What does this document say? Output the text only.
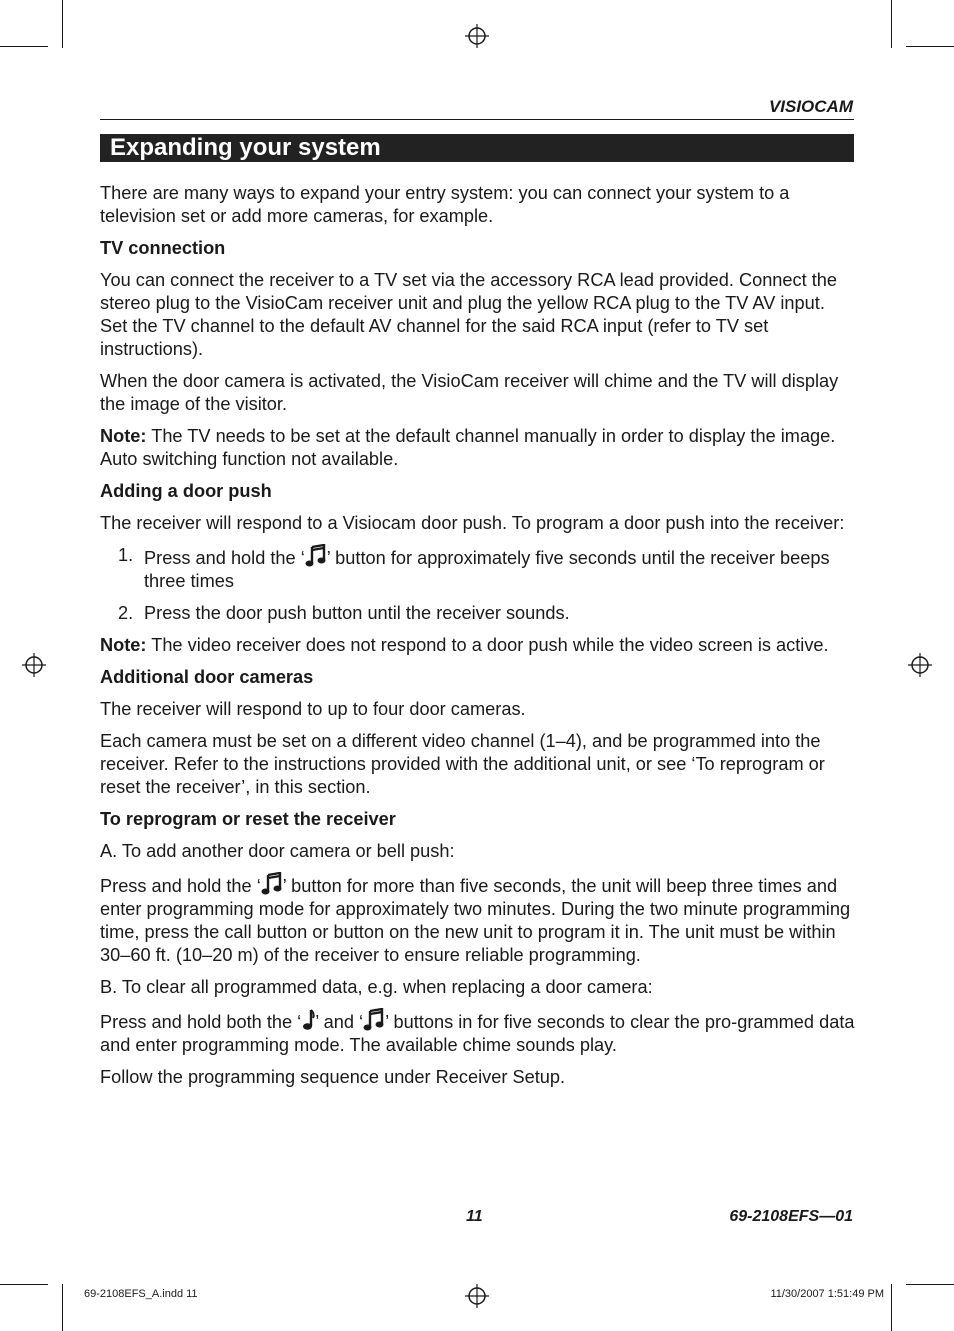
VISIOCAM
Expanding your system

There are many ways to expand your entry system: you can connect your system to a television set or add more cameras, for example.

TV connection

You can connect the receiver to a TV set via the accessory RCA lead provided. Connect the stereo plug to the VisioCam receiver unit and plug the yellow RCA plug to the TV AV input. Set the TV channel to the default AV channel for the said RCA input (refer to TV set instructions).

When the door camera is activated, the VisioCam receiver will chime and the TV will display the image of the visitor.

Note: The TV needs to be set at the default channel manually in order to display the image. Auto switching function not available.

Adding a door push

The receiver will respond to a Visiocam door push. To program a door push into the receiver:

1. Press and hold the ‘ ’ button for approximately five seconds until the receiver beeps three times
2. Press the door push button until the receiver sounds.

Note: The video receiver does not respond to a door push while the video screen is active.

Additional door cameras

The receiver will respond to up to four door cameras.

Each camera must be set on a different video channel (1–4), and be programmed into the receiver. Refer to the instructions provided with the additional unit, or see ‘To reprogram or reset the receiver’, in this section.

To reprogram or reset the receiver

A. To add another door camera or bell push:

Press and hold the ‘ ’ button for more than five seconds, the unit will beep three times and enter programming mode for approximately two minutes. During the two minute programming time, press the call button or button on the new unit to program it in. The unit must be within 30–60 ft. (10–20 m) of the receiver to ensure reliable programming.

B. To clear all programmed data, e.g. when replacing a door camera:

Press and hold both the ‘ ’ and ‘ ’ buttons in for five seconds to clear the pro-grammed data and enter programming mode. The available chime sounds play.

Follow the programming sequence under Receiver Setup.

11	69-2108EFS—01
69-2108EFS_A.indd 11	11/30/2007 1:51:49 PM
